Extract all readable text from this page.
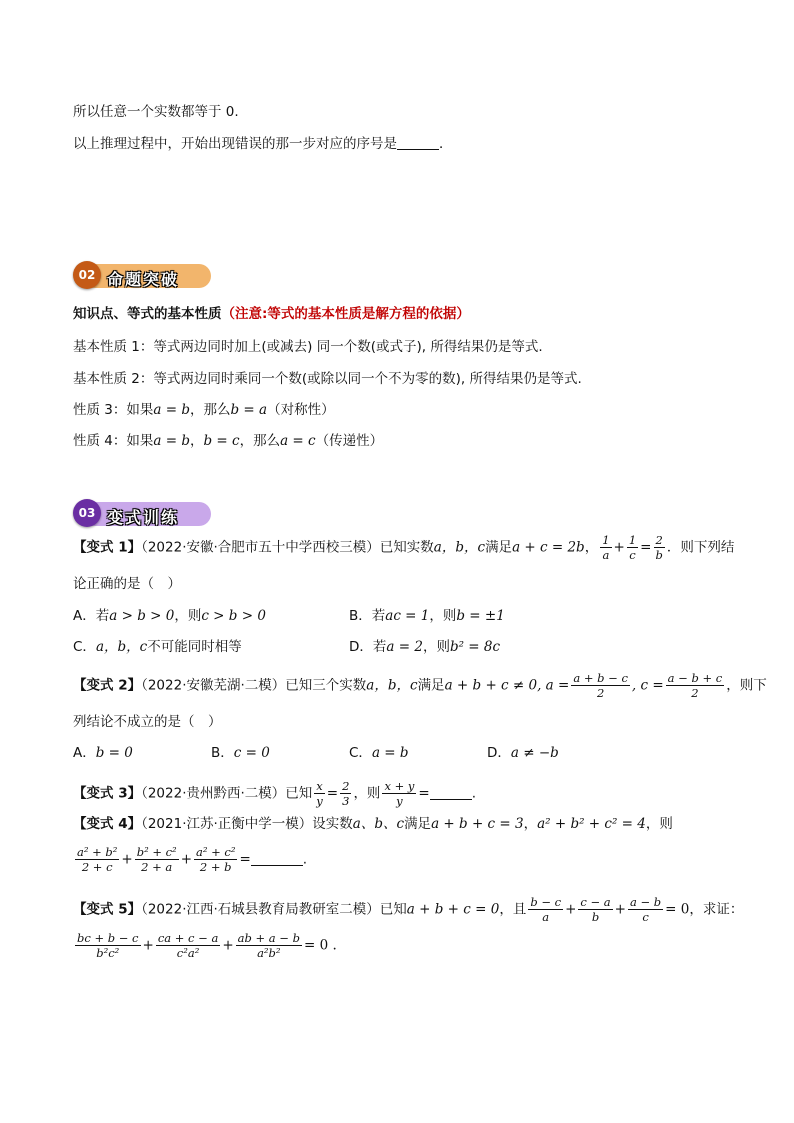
所以任意一个实数都等于 0.
以上推理过程中，开始出现错误的那一步对应的序号是	．
02 命题突破
知识点、等式的基本性质（注意:等式的基本性质是解方程的依据）
基本性质 1：等式两边同时加上(或减去) 同一个数(或式子), 所得结果仍是等式.
基本性质 2：等式两边同时乘同一个数(或除以同一个不为零的数), 所得结果仍是等式.
性质 3：如果a = b，那么b = a（对称性）
性质 4：如果a = b，b = c，那么a = c（传递性）
03 变式训练
【变式 1】（2022·安徽·合肥市五十中学西校三模）已知实数a，b，c满足a + c = 2b， $\frac{1}{a} + \frac{1}{c} = \frac{2}{b}$ ．则下列结
论正确的是（　）
A．若a > b > 0，则c > b > 0	B．若ac = 1，则b = ±1
C．a，b，c不可能同时相等	D．若a = 2，则b² = 8c
【变式 2】（2022·安徽芜湖·二模）已知三个实数a，b，c满足a + b + c ≠ 0, $a = \frac{a + b - c}{2}$ , $c = \frac{a - b + c}{2}$ ，则下
列结论不成立的是（　）
A．b = 0	B．c = 0	C．a = b	D．a ≠ −b
【变式 3】（2022·贵州黔西·二模）已知 $\frac{x}{y} = \frac{2}{3}$ ，则 $\frac{x + y}{y}$ =	.
【变式 4】（2021·江苏·正衡中学一模）设实数a、b、c满足a + b + c = 3，a² + b² + c² = 4，则
$\frac{\text{a² + b²}}{2 + c} + \frac{\text{b² + c²}}{2 + a} + \frac{\text{a² + c²}}{2 + b}$ =	.
【变式 5】（2022·江西·石城县教育局教研室二模）已知a + b + c = 0，且 $\frac{b - c}{a} + \frac{c - a}{b} + \frac{a - b}{c} = 0$，求证：
$\frac{bc + b - c}{\text{b²c²}} + \frac{ca + c - a}{\text{c²a²}} + \frac{ab + a - b}{\text{a²b²}} = 0$ .
